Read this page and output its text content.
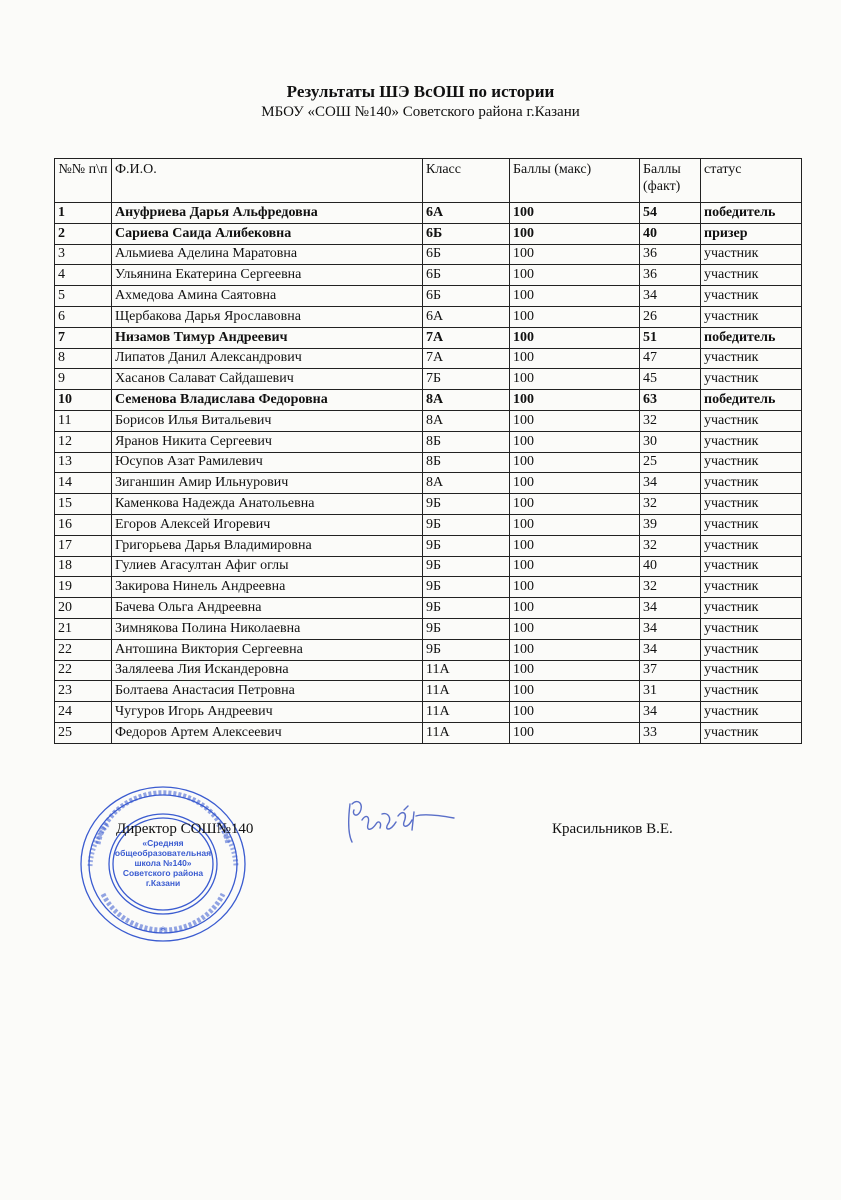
Результаты ШЭ ВсОШ по истории
МБОУ «СОШ №140» Советского района г.Казани
№№ п\п	Ф.И.О.	Класс	Баллы (макс)	Баллы (факт)	статус
1	Ануфриева Дарья Альфредовна	6А	100	54	победитель
2	Сариева Саида Алибековна	6Б	100	40	призер
3	Альмиева Аделина Маратовна	6Б	100	36	участник
4	Ульянина Екатерина Сергеевна	6Б	100	36	участник
5	Ахмедова Амина Саятовна	6Б	100	34	участник
6	Щербакова Дарья Ярославовна	6А	100	26	участник
7	Низамов Тимур Андреевич	7А	100	51	победитель
8	Липатов Данил Александрович	7А	100	47	участник
9	Хасанов Салават Сайдашевич	7Б	100	45	участник
10	Семенова Владислава Федоровна	8А	100	63	победитель
11	Борисов Илья Витальевич	8А	100	32	участник
12	Яранов Никита Сергеевич	8Б	100	30	участник
13	Юсупов Азат Рамилевич	8Б	100	25	участник
14	Зиганшин Амир Ильнурович	8А	100	34	участник
15	Каменкова Надежда Анатольевна	9Б	100	32	участник
16	Егоров Алексей Игоревич	9Б	100	39	участник
17	Григорьева Дарья Владимировна	9Б	100	32	участник
18	Гулиев Агасултан Афиг оглы	9Б	100	40	участник
19	Закирова Нинель Андреевна	9Б	100	32	участник
20	Бачева Ольга Андреевна	9Б	100	34	участник
21	Зимнякова Полина Николаевна	9Б	100	34	участник
22	Антошина Виктория Сергеевна	9Б	100	34	участник
22	Залялеева Лия Искандеровна	11А	100	37	участник
23	Болтаева Анастасия Петровна	11А	100	31	участник
24	Чугуров Игорь Андреевич	11А	100	34	участник
25	Федоров Артем Алексеевич	11А	100	33	участник
*
«Средняя
общеобразовательная
школа №140»
Советского района
г.Казани
Директор СОШ№140	Красильников В.Е.
